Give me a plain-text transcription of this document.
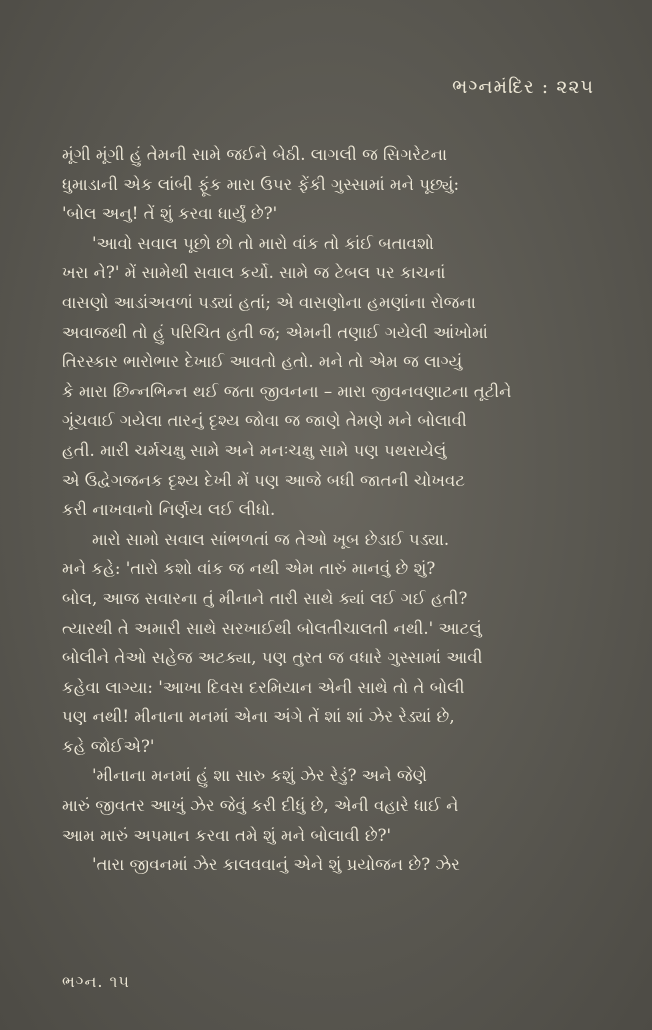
ભગ્નમંદિર : ૨૨૫

મૂંગી મૂંગી હું તેમની સામે જઈને બેઠી. લાગલી જ સિગરેટના
ધુમાડાની એક લાંબી ફૂંક મારા ઉપર ફેંકી ગુસ્સામાં મને પૂછ્યું:
'બોલ અનુ! તેં શું કરવા ધાર્યું છે?'

'આવો સવાલ પૂછો છો તો મારો વાંક તો કાંઈ બતાવશો
ખરા ને?' મેં સામેથી સવાલ કર્યો. સામે જ ટેબલ પર કાચનાં
વાસણો આડાંઅવળાં પડ્યાં હતાં; એ વાસણોના હમણાંના રોજના
અવાજથી તો હું પરિચિત હતી જ; એમની તણાઈ ગયેલી આંખોમાં
તિરસ્કાર ભારોભાર દેખાઈ આવતો હતો. મને તો એમ જ લાગ્યું
કે મારા છિન્નભિન્ન થઈ જતા જીવનના – મારા જીવનવણાટના તૂટીને
ગૂંચવાઈ ગયેલા તારનું દૃશ્ય જોવા જ જાણે તેમણે મને બોલાવી
હતી. મારી ચર્મચક્ષુ સામે અને મનઃચક્ષુ સામે પણ પથરાયેલું
એ ઉદ્વેગજનક દૃશ્ય દેખી મેં પણ આજે બધી જાતની ચોખવટ
કરી નાખવાનો નિર્ણય લઈ લીધો.

મારો સામો સવાલ સાંભળતાં જ તેઓ ખૂબ છેડાઈ પડ્યા.
મને કહે: 'તારો કશો વાંક જ નથી એમ તારું માનવું છે શું?
બોલ, આજ સવારના તું મીનાને તારી સાથે ક્યાં લઈ ગઈ હતી?
ત્યારથી તે અમારી સાથે સરખાઈથી બોલતીચાલતી નથી.' આટલું
બોલીને તેઓ સહેજ અટક્યા, પણ તુરત જ વધારે ગુસ્સામાં આવી
કહેવા લાગ્યા: 'આખા દિવસ દરમિયાન એની સાથે તો તે બોલી
પણ નથી! મીનાના મનમાં એના અંગે તેં શાં શાં ઝેર રેડ્યાં છે,
કહે જોઈએ?'

'મીનાના મનમાં હું શા સારુ કશું ઝેર રેડું? અને જેણે
મારું જીવતર આખું ઝેર જેવું કરી દીધું છે, એની વહારે ધાઈ ને
આમ મારું અપમાન કરવા તમે શું મને બોલાવી છે?'

'તારા જીવનમાં ઝેર કાલવવાનું એને શું પ્રયોજન છે? ઝેર

ભગ્ન. ૧૫
